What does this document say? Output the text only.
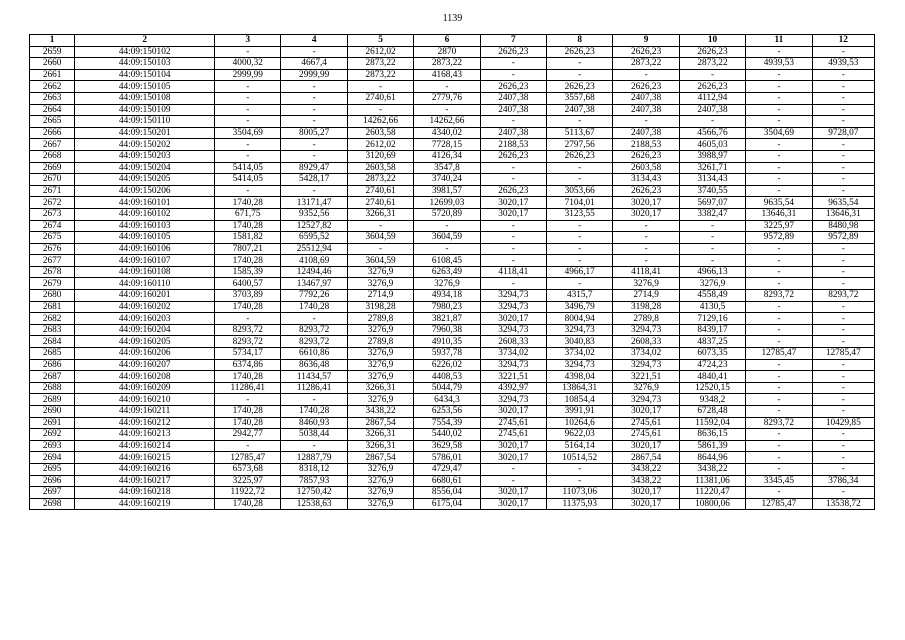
1139
1	2	3	4	5	6	7	8	9	10	11	12
2659	44:09:150102	-	-	2612,02	2870	2626,23	2626,23	2626,23	2626,23	-	-
2660	44:09:150103	4000,32	4667,4	2873,22	2873,22	-	-	2873,22	2873,22	4939,53	4939,53
2661	44:09:150104	2999,99	2999,99	2873,22	4168,43	-	-	-	-	-	-
2662	44:09:150105	-	-	-	-	2626,23	2626,23	2626,23	2626,23	-	-
2663	44:09:150108	-	-	2740,61	2779,76	2407,38	3557,68	2407,38	4112,94	-	-
2664	44:09:150109	-	-	-	-	2407,38	2407,38	2407,38	2407,38	-	-
2665	44:09:150110	-	-	14262,66	14262,66	-	-	-	-	-	-
2666	44:09:150201	3504,69	8005,27	2603,58	4340,02	2407,38	5113,67	2407,38	4566,76	3504,69	9728,07
2667	44:09:150202	-	-	2612,02	7728,15	2188,53	2797,56	2188,53	4605,03	-	-
2668	44:09:150203	-	-	3120,69	4126,34	2626,23	2626,23	2626,23	3988,97	-	-
2669	44:09:150204	5414,05	8929,47	2603,58	3547,8	-	-	2603,58	3261,71	-	-
2670	44:09:150205	5414,05	5428,17	2873,22	3740,24	-	-	3134,43	3134,43	-	-
2671	44:09:150206	-	-	2740,61	3981,57	2626,23	3053,66	2626,23	3740,55	-	-
2672	44:09:160101	1740,28	13171,47	2740,61	12699,03	3020,17	7104,01	3020,17	5697,07	9635,54	9635,54
2673	44:09:160102	671,75	9352,56	3266,31	5720,89	3020,17	3123,55	3020,17	3382,47	13646,31	13646,31
2674	44:09:160103	1740,28	12527,82	-	-	-	-	-	-	3225,97	8480,98
2675	44:09:160105	1581,82	6595,52	3604,59	3604,59	-	-	-	-	9572,89	9572,89
2676	44:09:160106	7807,21	25512,94	-	-	-	-	-	-	-	-
2677	44:09:160107	1740,28	4108,69	3604,59	6108,45	-	-	-	-	-	-
2678	44:09:160108	1585,39	12494,46	3276,9	6263,49	4118,41	4966,17	4118,41	4966,13	-	-
2679	44:09:160110	6400,57	13467,97	3276,9	3276,9	-	-	3276,9	3276,9	-	-
2680	44:09:160201	3703,89	7792,26	2714,9	4934,18	3294,73	4315,7	2714,9	4558,49	8293,72	8293,72
2681	44:09:160202	1740,28	1740,28	3198,28	7980,23	3294,73	3496,79	3198,28	4130,5	-	-
2682	44:09:160203	-	-	2789,8	3821,87	3020,17	8004,94	2789,8	7129,16	-	-
2683	44:09:160204	8293,72	8293,72	3276,9	7960,38	3294,73	3294,73	3294,73	8439,17	-	-
2684	44:09:160205	8293,72	8293,72	2789,8	4910,35	2608,33	3040,83	2608,33	4837,25	-	-
2685	44:09:160206	5734,17	6610,86	3276,9	5937,78	3734,02	3734,02	3734,02	6073,35	12785,47	12785,47
2686	44:09:160207	6374,86	8636,48	3276,9	6226,02	3294,73	3294,73	3294,73	4724,23	-	-
2687	44:09:160208	1740,28	11434,57	3276,9	4408,53	3221,51	4398,04	3221,51	4840,41	-	-
2688	44:09:160209	11286,41	11286,41	3266,31	5044,79	4392,97	13864,31	3276,9	12520,15	-	-
2689	44:09:160210	-	-	3276,9	6434,3	3294,73	10854,4	3294,73	9348,2	-	-
2690	44:09:160211	1740,28	1740,28	3438,22	6253,56	3020,17	3991,91	3020,17	6728,48	-	-
2691	44:09:160212	1740,28	8460,93	2867,54	7554,39	2745,61	10264,6	2745,61	11592,04	8293,72	10429,85
2692	44:09:160213	2942,77	5038,44	3266,31	5440,02	2745,61	9622,03	2745,61	8636,15	-	-
2693	44:09:160214	-	-	3266,31	3629,58	3020,17	5164,14	3020,17	5861,39	-	-
2694	44:09:160215	12785,47	12887,79	2867,54	5786,01	3020,17	10514,52	2867,54	8644,96	-	-
2695	44:09:160216	6573,68	8318,12	3276,9	4729,47	-	-	3438,22	3438,22	-	-
2696	44:09:160217	3225,97	7857,93	3276,9	6680,61	-	-	3438,22	11381,06	3345,45	3786,34
2697	44:09:160218	11922,72	12750,42	3276,9	8556,04	3020,17	11073,06	3020,17	11220,47	-	-
2698	44:09:160219	1740,28	12538,63	3276,9	6175,04	3020,17	11375,93	3020,17	10800,06	12785,47	13538,72
